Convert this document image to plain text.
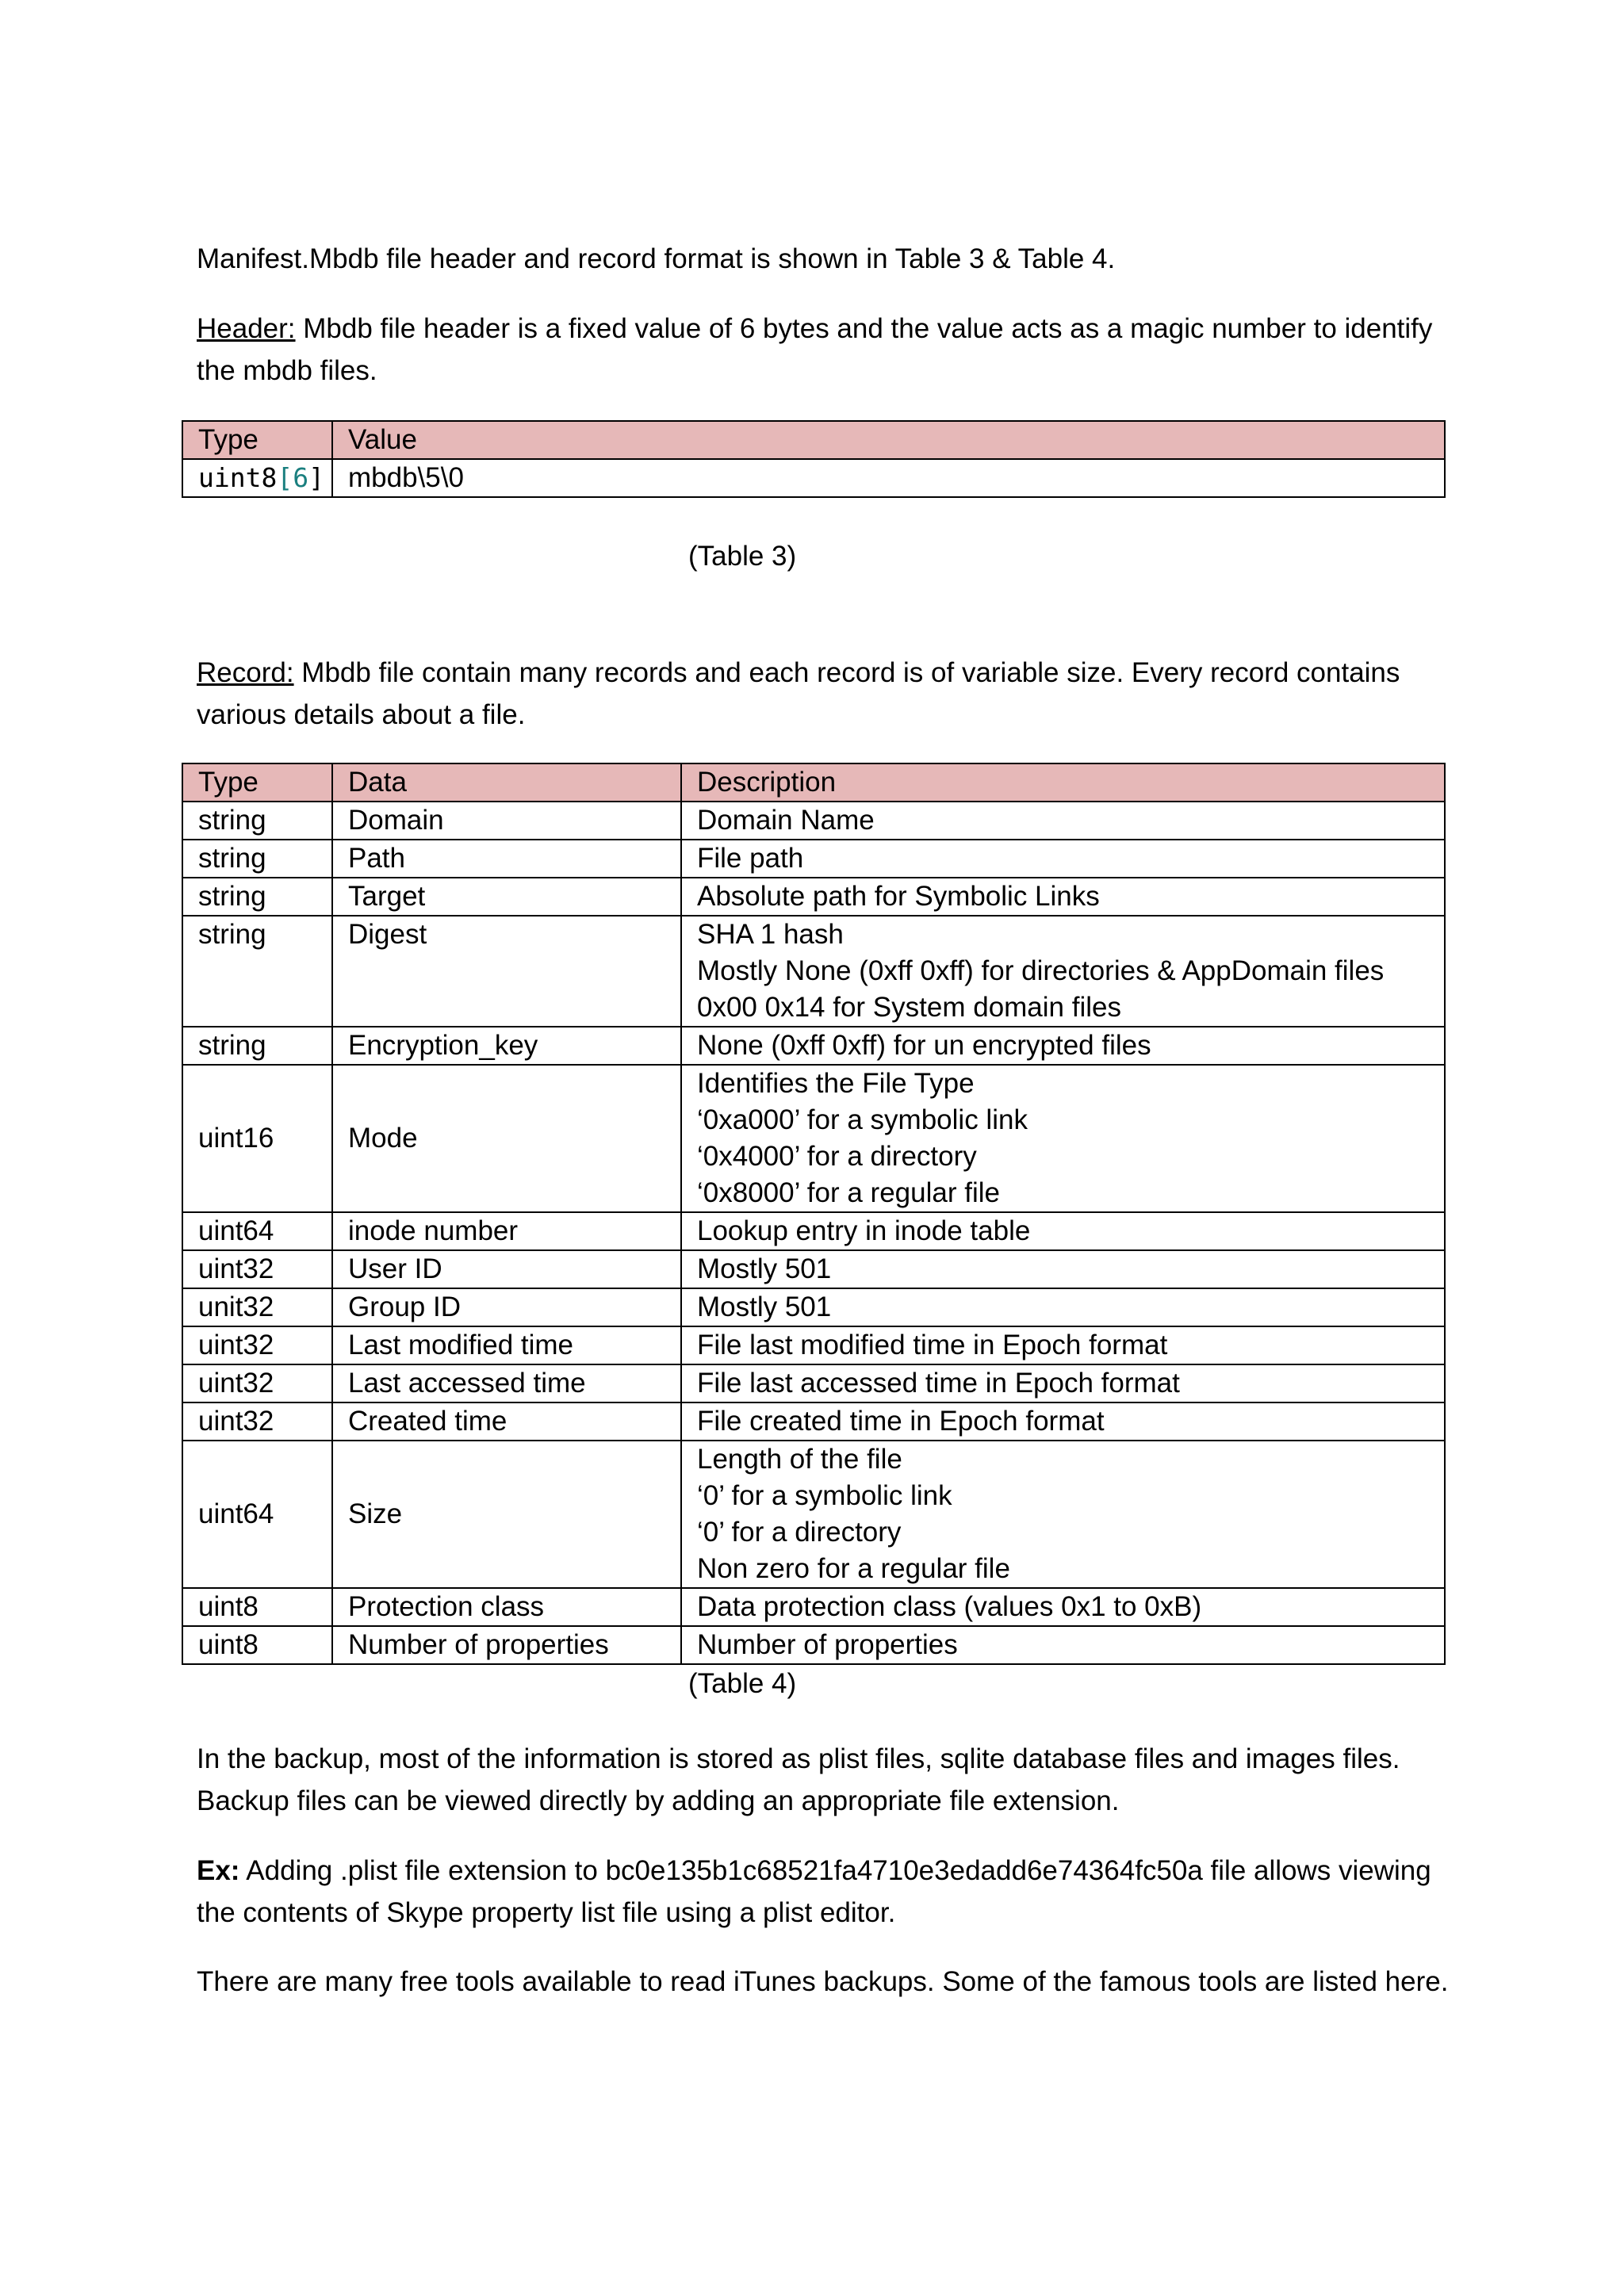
Manifest.Mbdb file header and record format is shown in Table 3 & Table 4.

Header: Mbdb file header is a fixed value of 6 bytes and the value acts as a magic number to identify the mbdb files.

Type	Value
uint8[6]	mbdb\5\0

(Table 3)

Record: Mbdb file contain many records and each record is of variable size. Every record contains various details about a file.

Type	Data	Description
string	Domain	Domain Name

string	Path	File path

string	Target	Absolute path for Symbolic Links

string	Digest	SHA 1 hash
Mostly None (0xff 0xff) for directories & AppDomain files
0x00 0x14 for System domain files

string	Encryption_key	None (0xff 0xff) for un encrypted files

uint16	Mode	Identifies the File Type
‘0xa000’ for a symbolic link
‘0x4000’ for a directory
‘0x8000’ for a regular file

uint64	inode number	Lookup entry in inode table

uint32	User ID	Mostly 501

unit32	Group ID	Mostly 501

uint32	Last modified time	File last modified time in Epoch format

uint32	Last accessed time	File last accessed time in Epoch format

uint32	Created time	File created time in Epoch format

uint64	Size	Length of the file
‘0’ for a symbolic link
‘0’ for a directory
Non zero for a regular file

uint8	Protection class	Data protection class (values 0x1 to 0xB)

uint8	Number of properties	Number of properties

(Table 4)

In the backup, most of the information is stored as plist files, sqlite database files and images files. Backup files can be viewed directly by adding an appropriate file extension.

Ex: Adding .plist file extension to bc0e135b1c68521fa4710e3edadd6e74364fc50a file allows viewing the contents of Skype property list file using a plist editor.

There are many free tools available to read iTunes backups. Some of the famous tools are listed here.
